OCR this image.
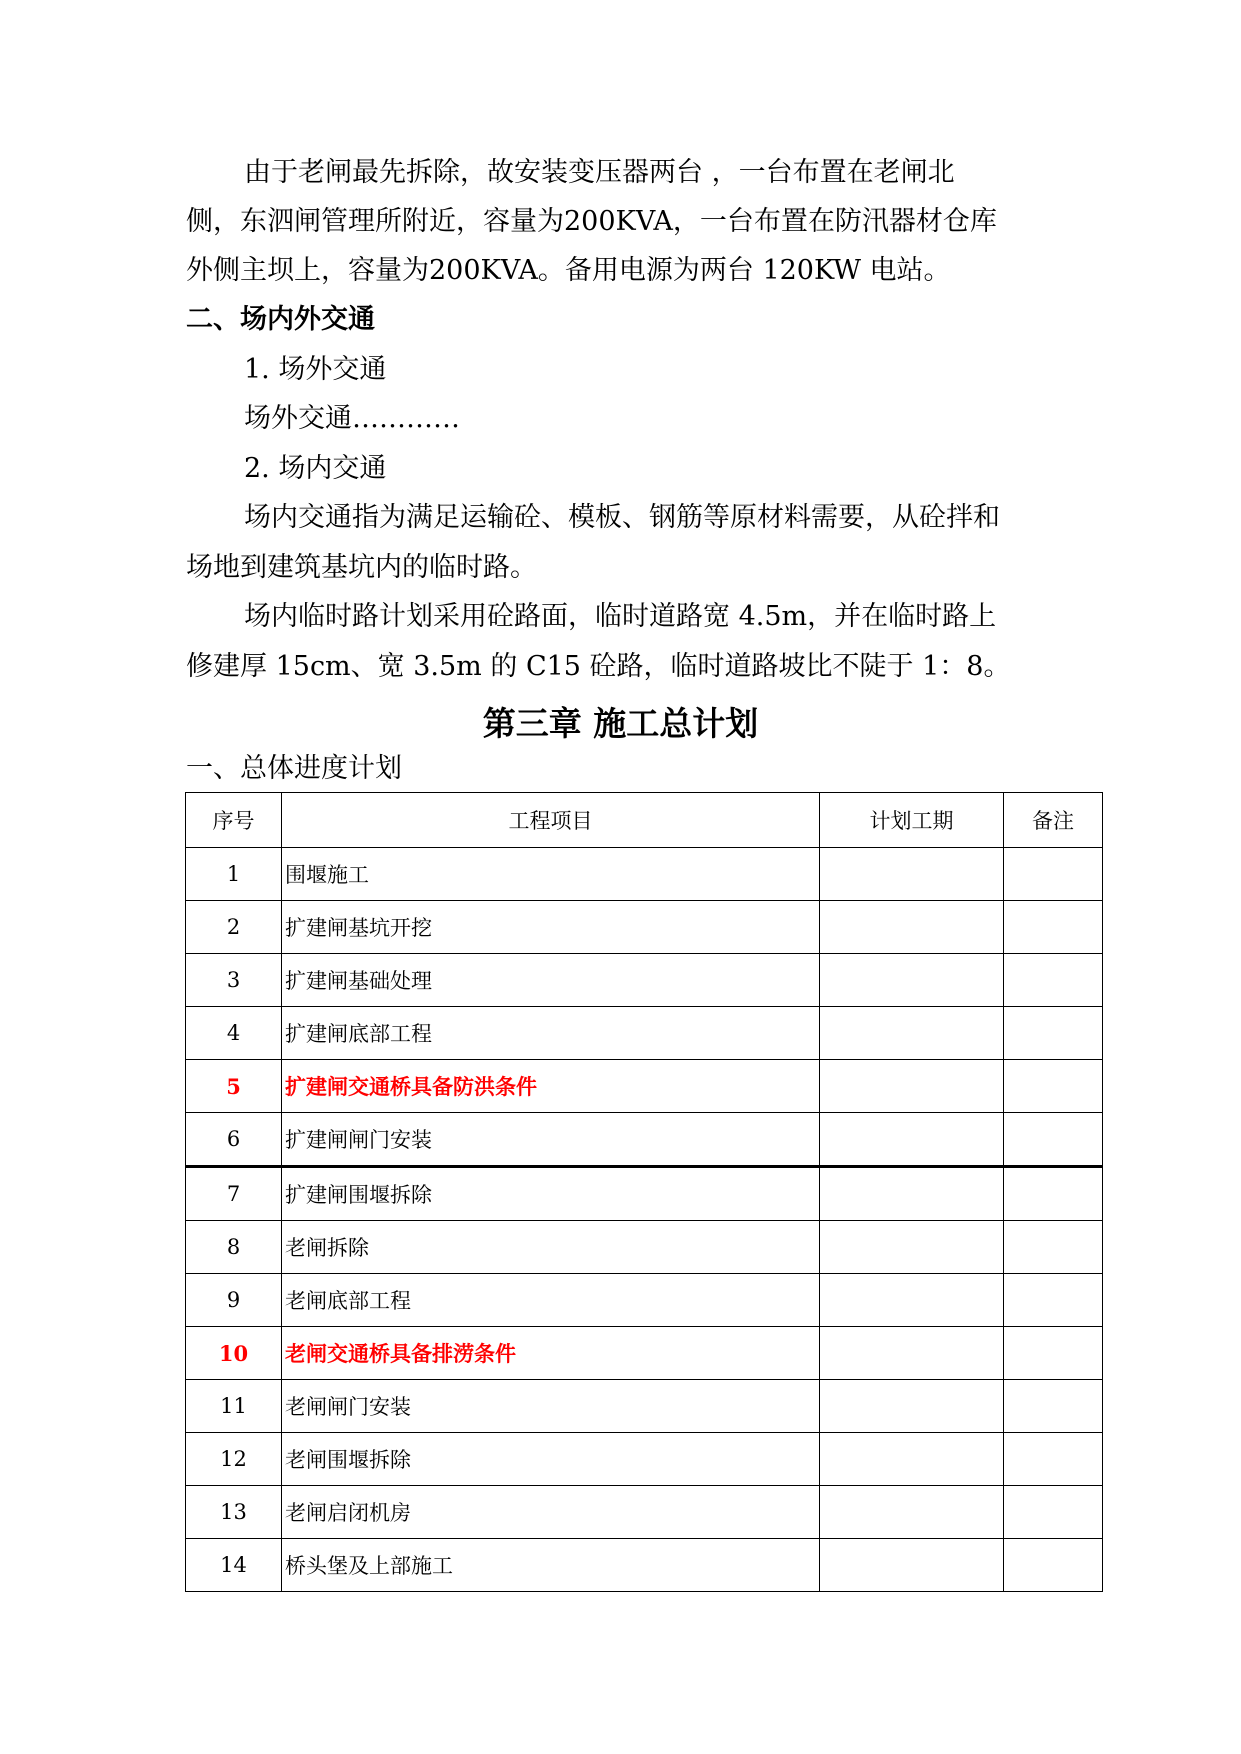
由于老闸最先拆除，故安装变压器两台 ，一台布置在老闸北
侧，东泗闸管理所附近，容量为200KVA，一台布置在防汛器材仓库
外侧主坝上，容量为200KVA。备用电源为两台 120KW 电站。
二、场内外交通
1. 场外交通
场外交通…………
2. 场内交通
场内交通指为满足运输砼、模板、钢筋等原材料需要，从砼拌和
场地到建筑基坑内的临时路。
场内临时路计划采用砼路面，临时道路宽 4.5m，并在临时路上
修建厚 15cm、宽 3.5m 的 C15 砼路，临时道路坡比不陡于 1：8。
第三章 施工总计划
一、总体进度计划
序号	工程项目	计划工期	备注
1	围堰施工		
2	扩建闸基坑开挖		
3	扩建闸基础处理		
4	扩建闸底部工程		
5	扩建闸交通桥具备防洪条件		
6	扩建闸闸门安装		
7	扩建闸围堰拆除		
8	老闸拆除		
9	老闸底部工程		
10	老闸交通桥具备排涝条件		
11	老闸闸门安装		
12	老闸围堰拆除		
13	老闸启闭机房		
14	桥头堡及上部施工		
